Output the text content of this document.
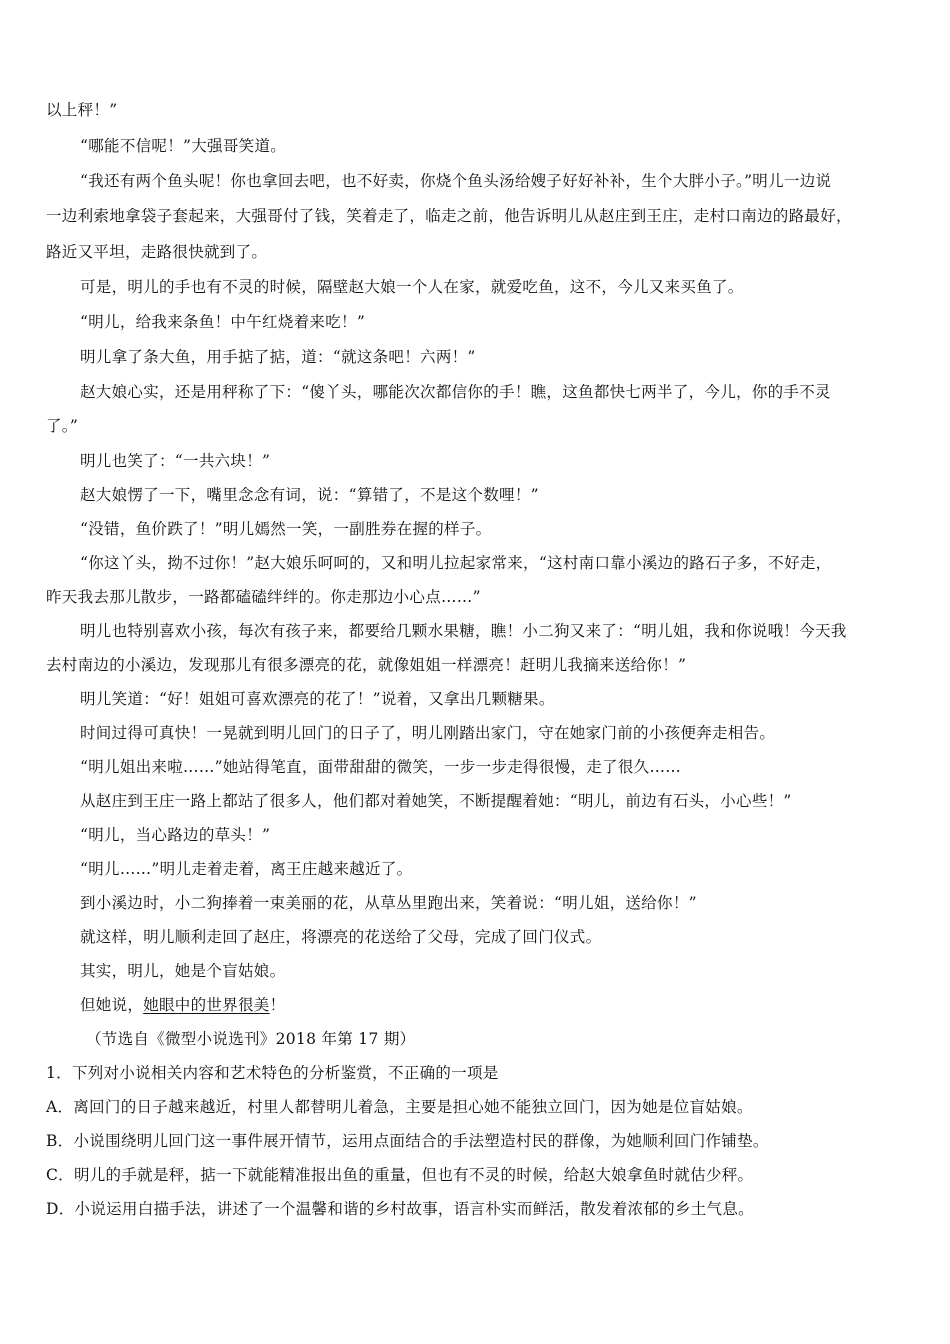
以上秤！”
“哪能不信呢！”大强哥笑道。
“我还有两个鱼头呢！你也拿回去吧，也不好卖，你烧个鱼头汤给嫂子好好补补，生个大胖小子。”明儿一边说
一边利索地拿袋子套起来，大强哥付了钱，笑着走了，临走之前，他告诉明儿从赵庄到王庄，走村口南边的路最好，
路近又平坦，走路很快就到了。
可是，明儿的手也有不灵的时候，隔壁赵大娘一个人在家，就爱吃鱼，这不，今儿又来买鱼了。
“明儿，给我来条鱼！中午红烧着来吃！”
明儿拿了条大鱼，用手掂了掂，道：“就这条吧！六两！”
赵大娘心实，还是用秤称了下：“傻丫头，哪能次次都信你的手！瞧，这鱼都快七两半了，今儿，你的手不灵
了。”
明儿也笑了：“一共六块！”
赵大娘愣了一下，嘴里念念有词，说：“算错了，不是这个数哩！”
“没错，鱼价跌了！”明儿嫣然一笑，一副胜券在握的样子。
“你这丫头，拗不过你！”赵大娘乐呵呵的，又和明儿拉起家常来，“这村南口靠小溪边的路石子多，不好走，
昨天我去那儿散步，一路都磕磕绊绊的。你走那边小心点……”
明儿也特别喜欢小孩，每次有孩子来，都要给几颗水果糖，瞧！小二狗又来了：“明儿姐，我和你说哦！今天我
去村南边的小溪边，发现那儿有很多漂亮的花，就像姐姐一样漂亮！赶明儿我摘来送给你！”
明儿笑道：“好！姐姐可喜欢漂亮的花了！”说着，又拿出几颗糖果。
时间过得可真快！一晃就到明儿回门的日子了，明儿刚踏出家门，守在她家门前的小孩便奔走相告。
“明儿姐出来啦……”她站得笔直，面带甜甜的微笑，一步一步走得很慢，走了很久……
从赵庄到王庄一路上都站了很多人，他们都对着她笑，不断提醒着她：“明儿，前边有石头，小心些！”
“明儿，当心路边的草头！”
“明儿……”明儿走着走着，离王庄越来越近了。
到小溪边时，小二狗捧着一束美丽的花，从草丛里跑出来，笑着说：“明儿姐，送给你！”
就这样，明儿顺利走回了赵庄，将漂亮的花送给了父母，完成了回门仪式。
其实，明儿，她是个盲姑娘。
但她说，她眼中的世界很美！
（节选自《微型小说选刊》2018 年第 17 期）
1．下列对小说相关内容和艺术特色的分析鉴赏，不正确的一项是
A．离回门的日子越来越近，村里人都替明儿着急，主要是担心她不能独立回门，因为她是位盲姑娘。
B．小说围绕明儿回门这一事件展开情节，运用点面结合的手法塑造村民的群像，为她顺利回门作铺垫。
C．明儿的手就是秤，掂一下就能精准报出鱼的重量，但也有不灵的时候，给赵大娘拿鱼时就估少秤。
D．小说运用白描手法，讲述了一个温馨和谐的乡村故事，语言朴实而鲜活，散发着浓郁的乡土气息。
